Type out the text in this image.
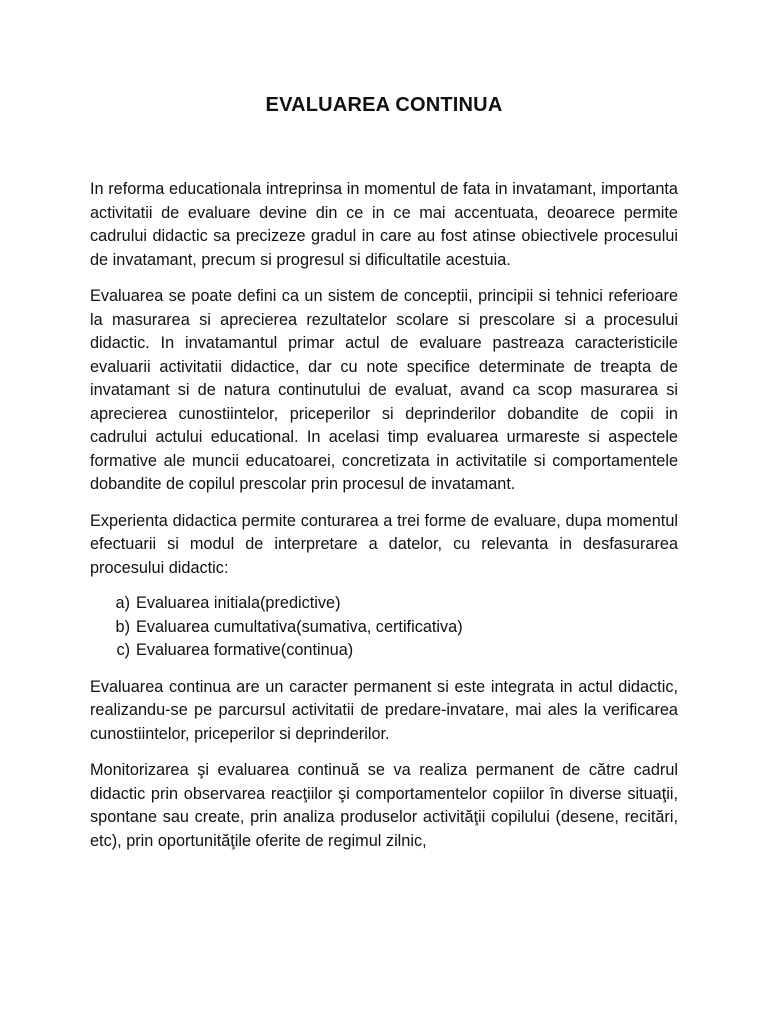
EVALUAREA CONTINUA

In reforma educationala intreprinsa in momentul de fata in invatamant, importanta activitatii de evaluare devine din ce in ce mai accentuata, deoarece permite cadrului didactic sa precizeze gradul in care au fost atinse obiectivele procesului de invatamant, precum si progresul si dificultatile acestuia.

Evaluarea se poate defini ca un sistem de conceptii, principii si tehnici referioare la masurarea si aprecierea rezultatelor scolare si prescolare si a procesului didactic. In invatamantul primar actul de evaluare pastreaza caracteristicile evaluarii activitatii didactice, dar cu note specifice determinate de treapta de invatamant si de natura continutului de evaluat, avand ca scop masurarea si aprecierea cunostiintelor, priceperilor si deprinderilor dobandite de copii in cadrului actului educational. In acelasi timp evaluarea urmareste si aspectele formative ale muncii educatoarei, concretizata in activitatile si comportamentele dobandite de copilul prescolar prin procesul de invatamant.

Experienta didactica permite conturarea a trei forme de evaluare, dupa momentul efectuarii si modul de interpretare a datelor, cu relevanta in desfasurarea procesului didactic:

a) Evaluarea initiala(predictive)
b) Evaluarea cumultativa(sumativa, certificativa)
c) Evaluarea formative(continua)

Evaluarea continua are un caracter permanent si este integrata in actul didactic, realizandu-se pe parcursul activitatii de predare-invatare, mai ales la verificarea cunostiintelor, priceperilor si deprinderilor.

Monitorizarea şi evaluarea continuă se va realiza permanent de către cadrul didactic prin observarea reacţiilor şi comportamentelor copiilor în diverse situaţii, spontane sau create, prin analiza produselor activităţii copilului (desene, recitări, etc), prin oportunităţile oferite de regimul zilnic,
